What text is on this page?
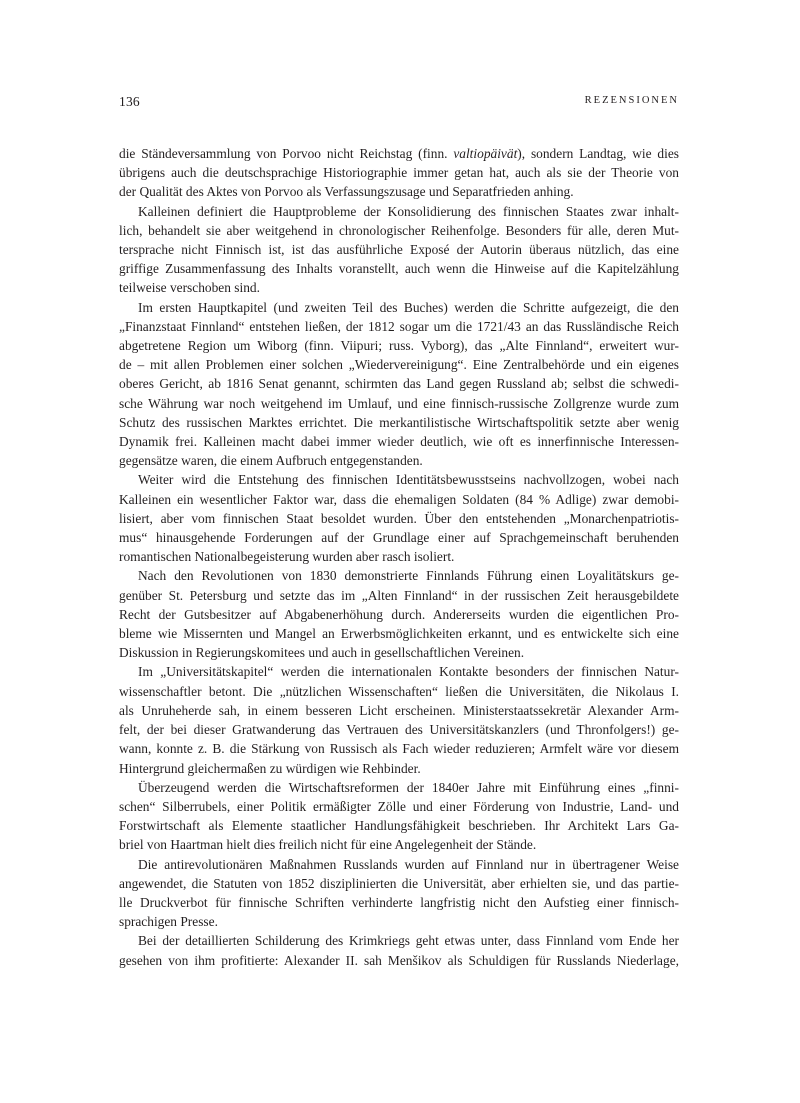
136	REZENSIONEN

die Ständeversammlung von Porvoo nicht Reichstag (finn. valtiopäivät), sondern Landtag, wie dies
übrigens auch die deutschsprachige Historiographie immer getan hat, auch als sie der Theorie von
der Qualität des Aktes von Porvoo als Verfassungszusage und Separatfrieden anhing.

Kalleinen definiert die Hauptprobleme der Konsolidierung des finnischen Staates zwar inhalt-
lich, behandelt sie aber weitgehend in chronologischer Reihenfolge. Besonders für alle, deren Mut-
tersprache nicht Finnisch ist, ist das ausführliche Exposé der Autorin überaus nützlich, das eine
griffige Zusammenfassung des Inhalts voranstellt, auch wenn die Hinweise auf die Kapitelzählung
teilweise verschoben sind.

Im ersten Hauptkapitel (und zweiten Teil des Buches) werden die Schritte aufgezeigt, die den
„Finanzstaat Finnland“ entstehen ließen, der 1812 sogar um die 1721/43 an das Russländische Reich
abgetretene Region um Wiborg (finn. Viipuri; russ. Vyborg), das „Alte Finnland“, erweitert wur-
de – mit allen Problemen einer solchen „Wiedervereinigung“. Eine Zentralbehörde und ein eigenes
oberes Gericht, ab 1816 Senat genannt, schirmten das Land gegen Russland ab; selbst die schwedi-
sche Währung war noch weitgehend im Umlauf, und eine finnisch-russische Zollgrenze wurde zum
Schutz des russischen Marktes errichtet. Die merkantilistische Wirtschaftspolitik setzte aber wenig
Dynamik frei. Kalleinen macht dabei immer wieder deutlich, wie oft es innerfinnische Interessen-
gegensätze waren, die einem Aufbruch entgegenstanden.

Weiter wird die Entstehung des finnischen Identitätsbewusstseins nachvollzogen, wobei nach
Kalleinen ein wesentlicher Faktor war, dass die ehemaligen Soldaten (84 % Adlige) zwar demobi-
lisiert, aber vom finnischen Staat besoldet wurden. Über den entstehenden „Monarchenpatriotis-
mus“ hinausgehende Forderungen auf der Grundlage einer auf Sprachgemeinschaft beruhenden
romantischen Nationalbegeisterung wurden aber rasch isoliert.

Nach den Revolutionen von 1830 demonstrierte Finnlands Führung einen Loyalitätskurs ge-
genüber St. Petersburg und setzte das im „Alten Finnland“ in der russischen Zeit herausgebildete
Recht der Gutsbesitzer auf Abgabenerhöhung durch. Andererseits wurden die eigentlichen Pro-
bleme wie Missernten und Mangel an Erwerbsmöglichkeiten erkannt, und es entwickelte sich eine
Diskussion in Regierungskomitees und auch in gesellschaftlichen Vereinen.

Im „Universitätskapitel“ werden die internationalen Kontakte besonders der finnischen Natur-
wissenschaftler betont. Die „nützlichen Wissenschaften“ ließen die Universitäten, die Nikolaus I.
als Unruheherde sah, in einem besseren Licht erscheinen. Ministerstaatssekretär Alexander Arm-
felt, der bei dieser Gratwanderung das Vertrauen des Universitätskanzlers (und Thronfolgers!) ge-
wann, konnte z. B. die Stärkung von Russisch als Fach wieder reduzieren; Armfelt wäre vor diesem
Hintergrund gleichermaßen zu würdigen wie Rehbinder.

Überzeugend werden die Wirtschaftsreformen der 1840er Jahre mit Einführung eines „finni-
schen“ Silberrubels, einer Politik ermäßigter Zölle und einer Förderung von Industrie, Land- und
Forstwirtschaft als Elemente staatlicher Handlungsfähigkeit beschrieben. Ihr Architekt Lars Ga-
briel von Haartman hielt dies freilich nicht für eine Angelegenheit der Stände.

Die antirevolutionären Maßnahmen Russlands wurden auf Finnland nur in übertragener Weise
angewendet, die Statuten von 1852 disziplinierten die Universität, aber erhielten sie, und das partie-
lle Druckverbot für finnische Schriften verhinderte langfristig nicht den Aufstieg einer finnisch-
sprachigen Presse.

Bei der detaillierten Schilderung des Krimkriegs geht etwas unter, dass Finnland vom Ende her
gesehen von ihm profitierte: Alexander II. sah Menšikov als Schuldigen für Russlands Niederlage,
